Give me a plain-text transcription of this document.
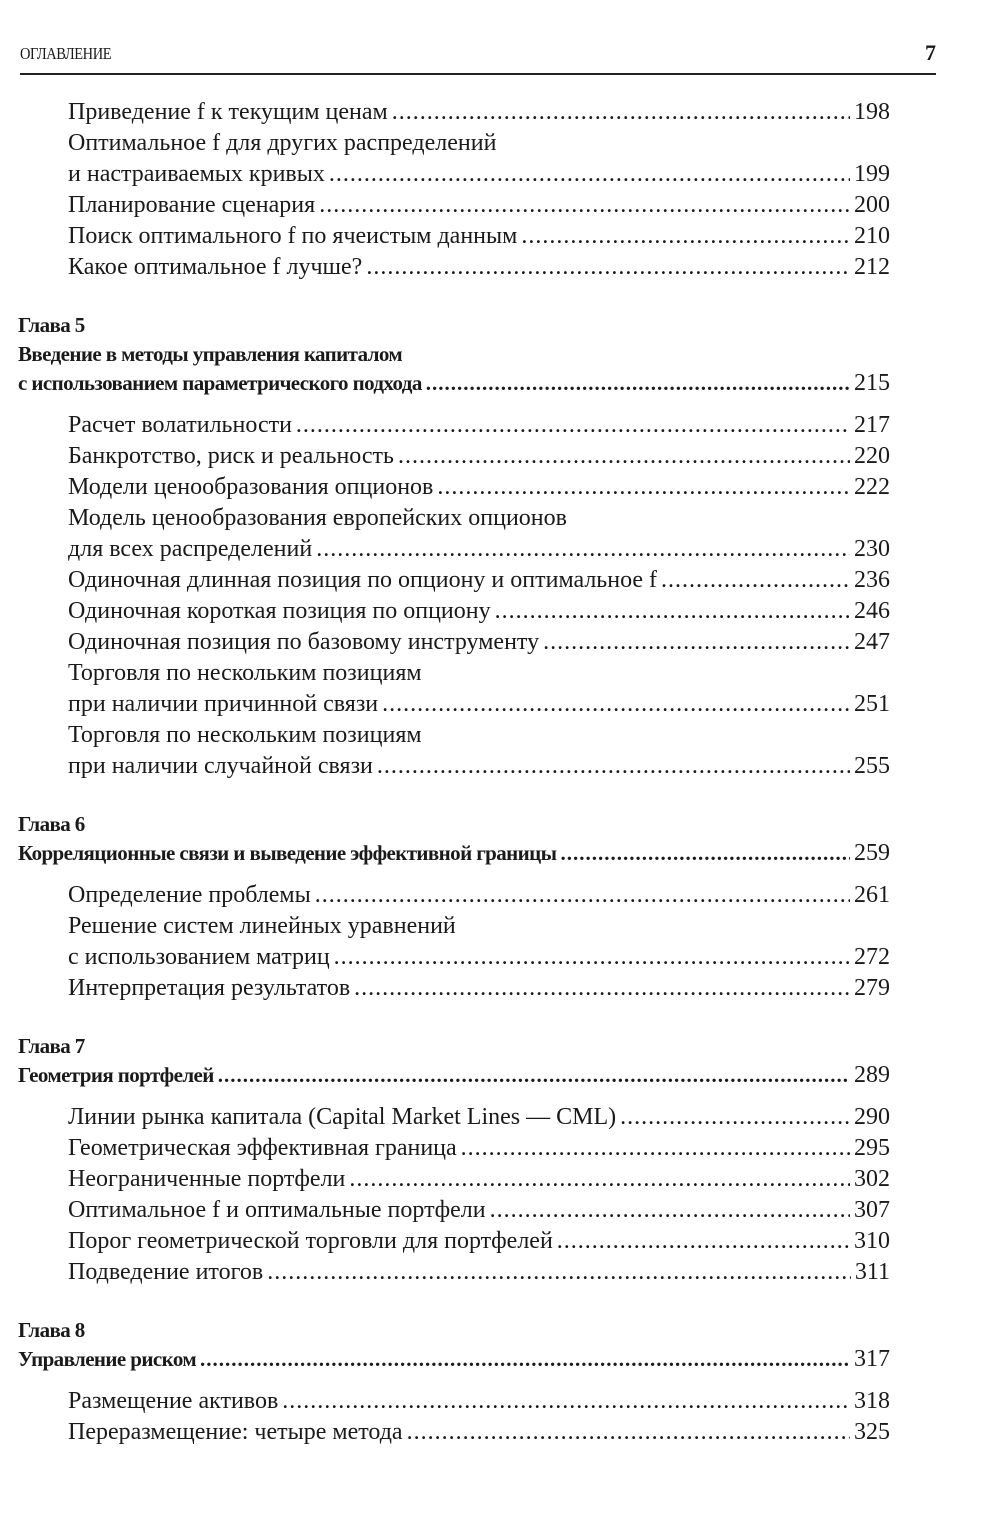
ОГЛАВЛЕНИЕ	7
Приведение f к текущим ценам .....	198
Оптимальное f для других распределений
и настраиваемых кривых .....	199
Планирование сценария .....	200
Поиск оптимального f по ячеистым данным .....	210
Какое оптимальное f лучше? .....	212
Глава 5
Введение в методы управления капиталом
с использованием параметрического подхода .....	215
Расчет волатильности .....	217
Банкротство, риск и реальность .....	220
Модели ценообразования опционов .....	222
Модель ценообразования европейских опционов
для всех распределений .....	230
Одиночная длинная позиция по опциону и оптимальное f .....	236
Одиночная короткая позиция по опциону .....	246
Одиночная позиция по базовому инструменту .....	247
Торговля по нескольким позициям
при наличии причинной связи .....	251
Торговля по нескольким позициям
при наличии случайной связи .....	255
Глава 6
Корреляционные связи и выведение эффективной границы .....	259
Определение проблемы .....	261
Решение систем линейных уравнений
с использованием матриц .....	272
Интерпретация результатов .....	279
Глава 7
Геометрия портфелей .....	289
Линии рынка капитала (Capital Market Lines — CML) .....	290
Геометрическая эффективная граница .....	295
Неограниченные портфели .....	302
Оптимальное f и оптимальные портфели .....	307
Порог геометрической торговли для портфелей .....	310
Подведение итогов .....	311
Глава 8
Управление риском .....	317
Размещение активов .....	318
Переразмещение: четыре метода .....	325
